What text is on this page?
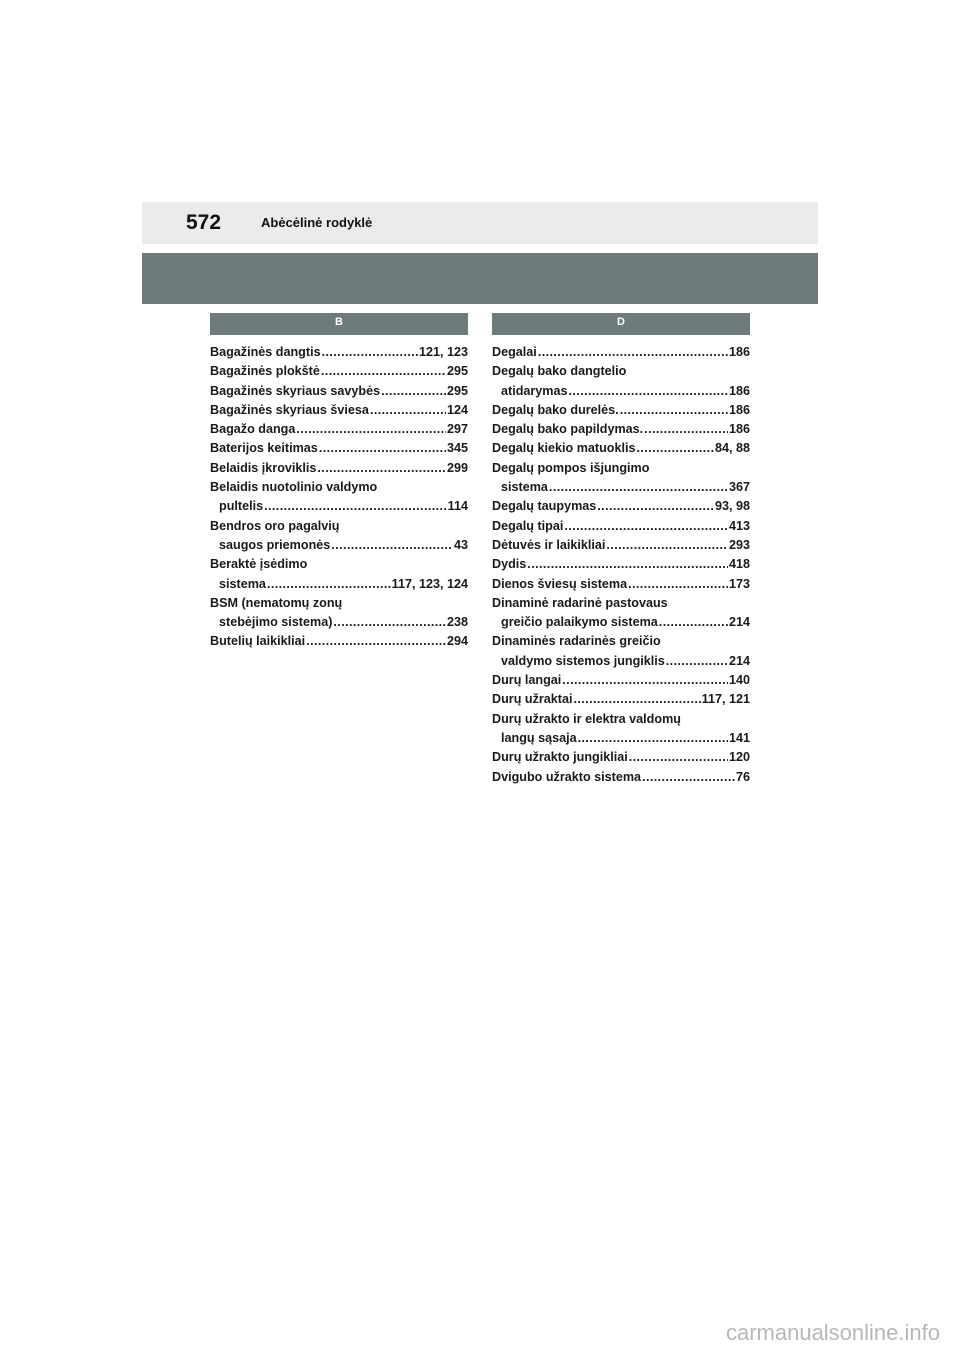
572	Abėcėlinė rodyklė
B
Bagažinės dangtis .....	121, 123
Bagažinės plokštė .....	295
Bagažinės skyriaus savybės .....	295
Bagažinės skyriaus šviesa .....	124
Bagažo danga .....	297
Baterijos keitimas .....	345
Belaidis įkroviklis .....	299
Belaidis nuotolinio valdymo
pultelis .....	114
Bendros oro pagalvių
saugos priemonės .....	43
Beraktė įsėdimo
sistema .....	117, 123, 124
BSM (nematomų zonų
stebėjimo sistema) .....	238
Butelių laikikliai .....	294
D
Degalai .....	186
Degalų bako dangtelio
atidarymas .....	186
Degalų bako durelės. .....	186
Degalų bako papildymas. .....	186
Degalų kiekio matuoklis .....	84, 88
Degalų pompos išjungimo
sistema .....	367
Degalų taupymas .....	93, 98
Degalų tipai .....	413
Dėtuvės ir laikikliai .....	293
Dydis .....	418
Dienos šviesų sistema .....	173
Dinaminė radarinė pastovaus
greičio palaikymo sistema .....	214
Dinaminės radarinės greičio
valdymo sistemos jungiklis .....	214
Durų langai .....	140
Durų užraktai .....	117, 121
Durų užrakto ir elektra valdomų
langų sąsaja .....	141
Durų užrakto jungikliai .....	120
Dvigubo užrakto sistema .....	76
carmanualsonline.info
